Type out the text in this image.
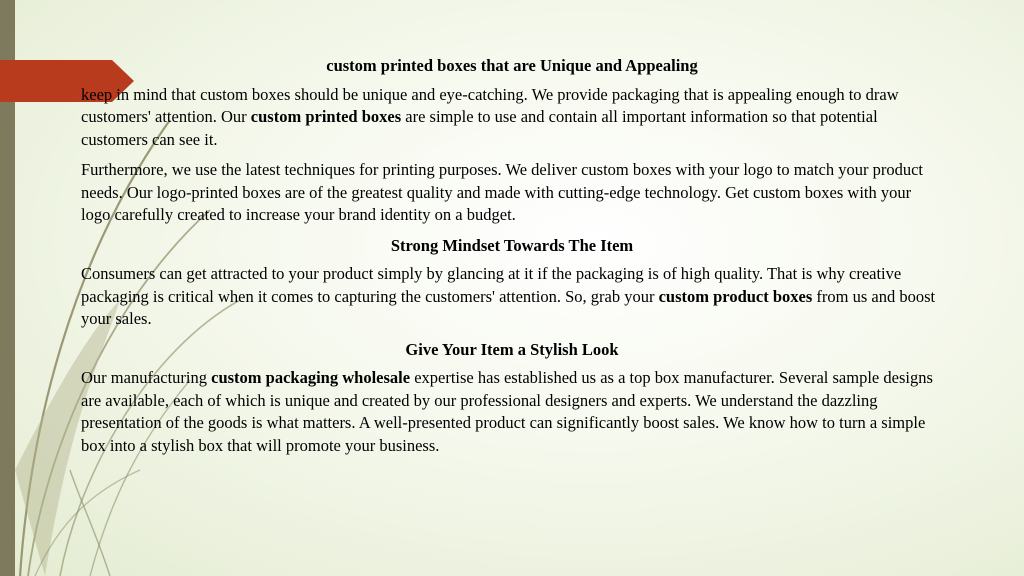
custom printed boxes that are Unique and Appealing

keep in mind that custom boxes should be unique and eye-catching. We provide packaging that is appealing enough to draw customers' attention. Our custom printed boxes are simple to use and contain all important information so that potential customers can see it.

Furthermore, we use the latest techniques for printing purposes. We deliver custom boxes with your logo to match your product needs. Our logo-printed boxes are of the greatest quality and made with cutting-edge technology. Get custom boxes with your logo carefully created to increase your brand identity on a budget.

Strong Mindset Towards The Item

Consumers can get attracted to your product simply by glancing at it if the packaging is of high quality. That is why creative packaging is critical when it comes to capturing the customers' attention. So, grab your custom product boxes from us and boost your sales.

Give Your Item a Stylish Look

Our manufacturing custom packaging wholesale expertise has established us as a top box manufacturer. Several sample designs are available, each of which is unique and created by our professional designers and experts. We understand the dazzling presentation of the goods is what matters. A well-presented product can significantly boost sales. We know how to turn a simple box into a stylish box that will promote your business.
